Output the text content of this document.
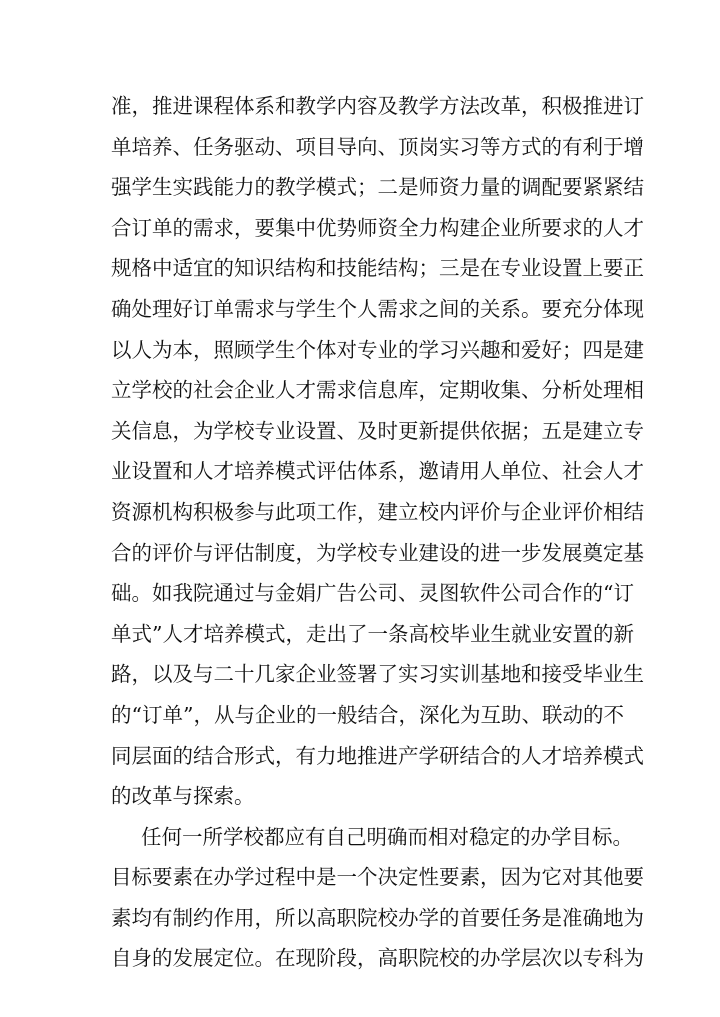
准，推进课程体系和教学内容及教学方法改革，积极推进订
单培养、任务驱动、项目导向、顶岗实习等方式的有利于增
强学生实践能力的教学模式；二是师资力量的调配要紧紧结
合订单的需求，要集中优势师资全力构建企业所要求的人才
规格中适宜的知识结构和技能结构；三是在专业设置上要正
确处理好订单需求与学生个人需求之间的关系。要充分体现
以人为本，照顾学生个体对专业的学习兴趣和爱好；四是建
立学校的社会企业人才需求信息库，定期收集、分析处理相
关信息，为学校专业设置、及时更新提供依据；五是建立专
业设置和人才培养模式评估体系，邀请用人单位、社会人才
资源机构积极参与此项工作，建立校内评价与企业评价相结
合的评价与评估制度，为学校专业建设的进一步发展奠定基
础。如我院通过与金娟广告公司、灵图软件公司合作的“订
单式”人才培养模式，走出了一条高校毕业生就业安置的新
路，以及与二十几家企业签署了实习实训基地和接受毕业生
的“订单”，从与企业的一般结合，深化为互助、联动的不
同层面的结合形式，有力地推进产学研结合的人才培养模式
的改革与探索。
任何一所学校都应有自己明确而相对稳定的办学目标。
目标要素在办学过程中是一个决定性要素，因为它对其他要
素均有制约作用，所以高职院校办学的首要任务是准确地为
自身的发展定位。在现阶段，高职院校的办学层次以专科为
